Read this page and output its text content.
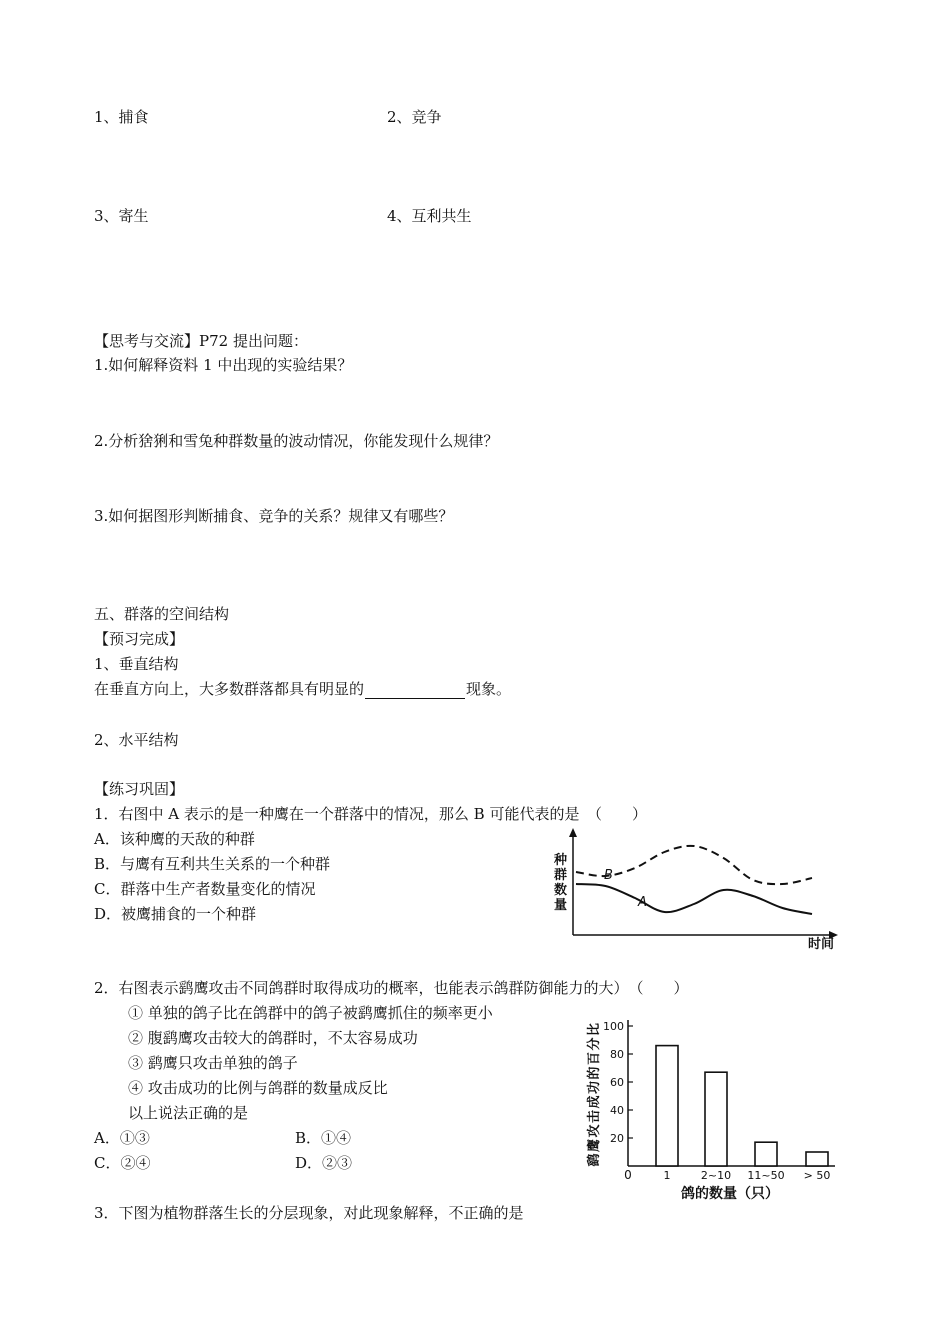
1、捕食	2、竞争
3、寄生	4、互利共生
【思考与交流】P72 提出问题：
1.如何解释资料 1 中出现的实验结果？
2.分析猞猁和雪兔种群数量的波动情况，你能发现什么规律？
3.如何据图形判断捕食、竞争的关系？规律又有哪些？
五、群落的空间结构
【预习完成】
1、垂直结构
在垂直方向上，大多数群落都具有明显的	现象。
2、水平结构
【练习巩固】
1．右图中 A 表示的是一种鹰在一个群落中的情况，那么 B 可能代表的是　（　　）
A．该种鹰的天敌的种群
B．与鹰有互利共生关系的一个种群
C．群落中生产者数量变化的情况
D．被鹰捕食的一个种群
种
群
数
量
时间
B
A
2．右图表示鹞鹰攻击不同鸽群时取得成功的概率，也能表示鸽群防御能力的大）　（　　）
① 单独的鸽子比在鸽群中的鸽子被鹞鹰抓住的频率更小
② 腹鹞鹰攻击较大的鸽群时，不太容易成功
③ 鹞鹰只攻击单独的鸽子
④ 攻击成功的比例与鸽群的数量成反比
以上说法正确的是
A．①③	B．①④
C．②④	D．②③	鹞
鹰
攻
击
成
功
的
百
分
比
20
40
60
80
100
1	2~10 11~50 > 50
0
鸽的数量（只）
3．下图为植物群落生长的分层现象，对此现象解释，不正确的是
